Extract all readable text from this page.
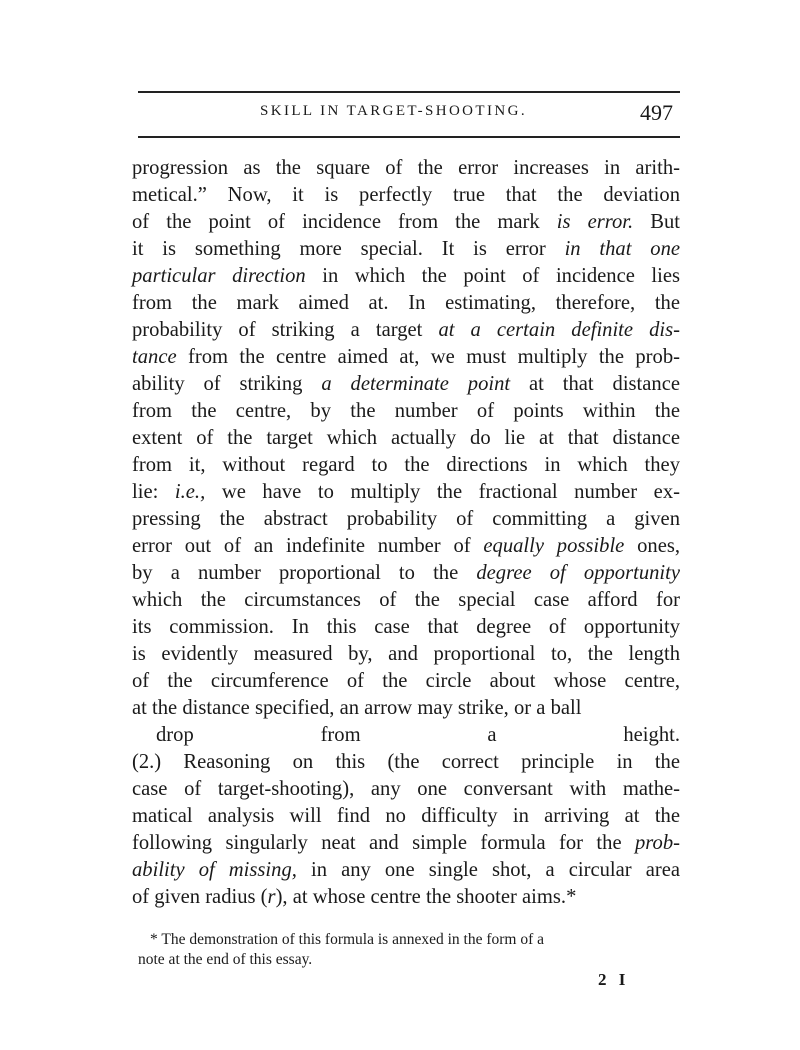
SKILL IN TARGET-SHOOTING.	497
progression as the square of the error increases in arith-
metical.” Now, it is perfectly true that the deviation
of the point of incidence from the mark is error. But
it is something more special. It is error in that one
particular direction in which the point of incidence lies
from the mark aimed at. In estimating, therefore, the
probability of striking a target at a certain definite dis-
tance from the centre aimed at, we must multiply the prob-
ability of striking a determinate point at that distance
from the centre, by the number of points within the
extent of the target which actually do lie at that distance
from it, without regard to the directions in which they
lie: i.e., we have to multiply the fractional number ex-
pressing the abstract probability of committing a given
error out of an indefinite number of equally possible ones,
by a number proportional to the degree of opportunity
which the circumstances of the special case afford for
its commission. In this case that degree of opportunity
is evidently measured by, and proportional to, the length
of the circumference of the circle about whose centre,
at the distance specified, an arrow may strike, or a ball
drop from a height.
(2.) Reasoning on this (the correct principle in the
case of target-shooting), any one conversant with mathe-
matical analysis will find no difficulty in arriving at the
following singularly neat and simple formula for the prob-
ability of missing, in any one single shot, a circular area
of given radius (r), at whose centre the shooter aims.*
* The demonstration of this formula is annexed in the form of a
note at the end of this essay.
2 I
